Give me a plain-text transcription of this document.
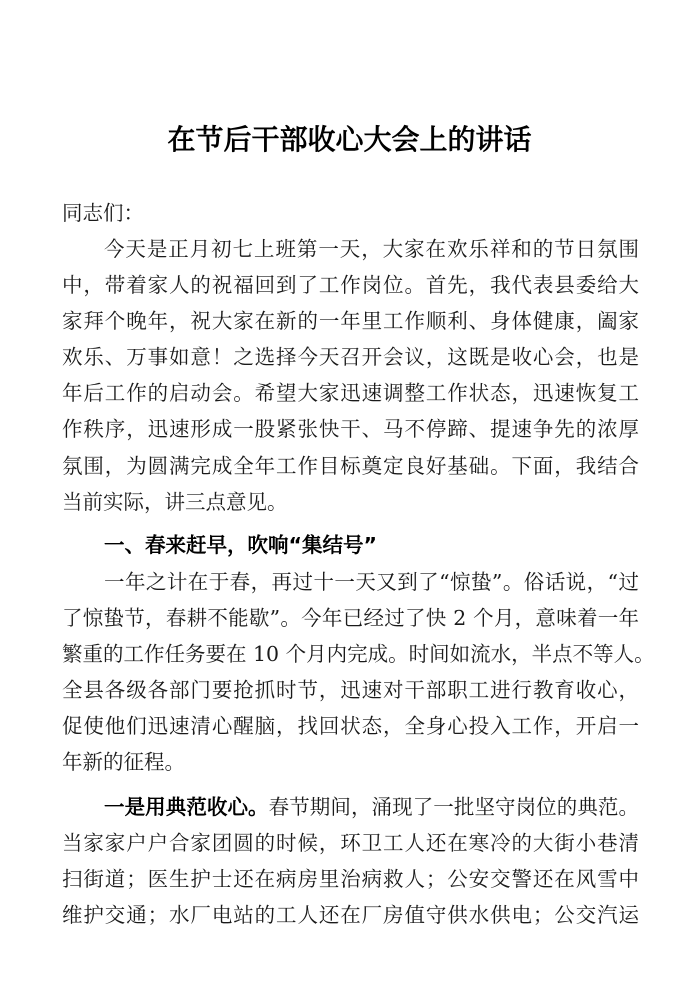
在节后干部收心大会上的讲话
同志们：
今天是正月初七上班第一天，大家在欢乐祥和的节日氛围
中，带着家人的祝福回到了工作岗位。首先，我代表县委给大
家拜个晚年，祝大家在新的一年里工作顺利、身体健康，阖家
欢乐、万事如意！之选择今天召开会议，这既是收心会，也是
年后工作的启动会。希望大家迅速调整工作状态，迅速恢复工
作秩序，迅速形成一股紧张快干、马不停蹄、提速争先的浓厚
氛围，为圆满完成全年工作目标奠定良好基础。下面，我结合
当前实际，讲三点意见。
一、春来赶早，吹响“集结号”
一年之计在于春，再过十一天又到了“惊蛰”。俗话说，“过
了惊蛰节，春耕不能歇”。今年已经过了快 2 个月，意味着一年
繁重的工作任务要在 10 个月内完成。时间如流水，半点不等人。
全县各级各部门要抢抓时节，迅速对干部职工进行教育收心，
促使他们迅速清心醒脑，找回状态，全身心投入工作，开启一
年新的征程。
一是用典范收心。春节期间，涌现了一批坚守岗位的典范。
当家家户户合家团圆的时候，环卫工人还在寒冷的大街小巷清
扫街道；医生护士还在病房里治病救人；公安交警还在风雪中
维护交通；水厂电站的工人还在厂房值守供水供电；公交汽运
